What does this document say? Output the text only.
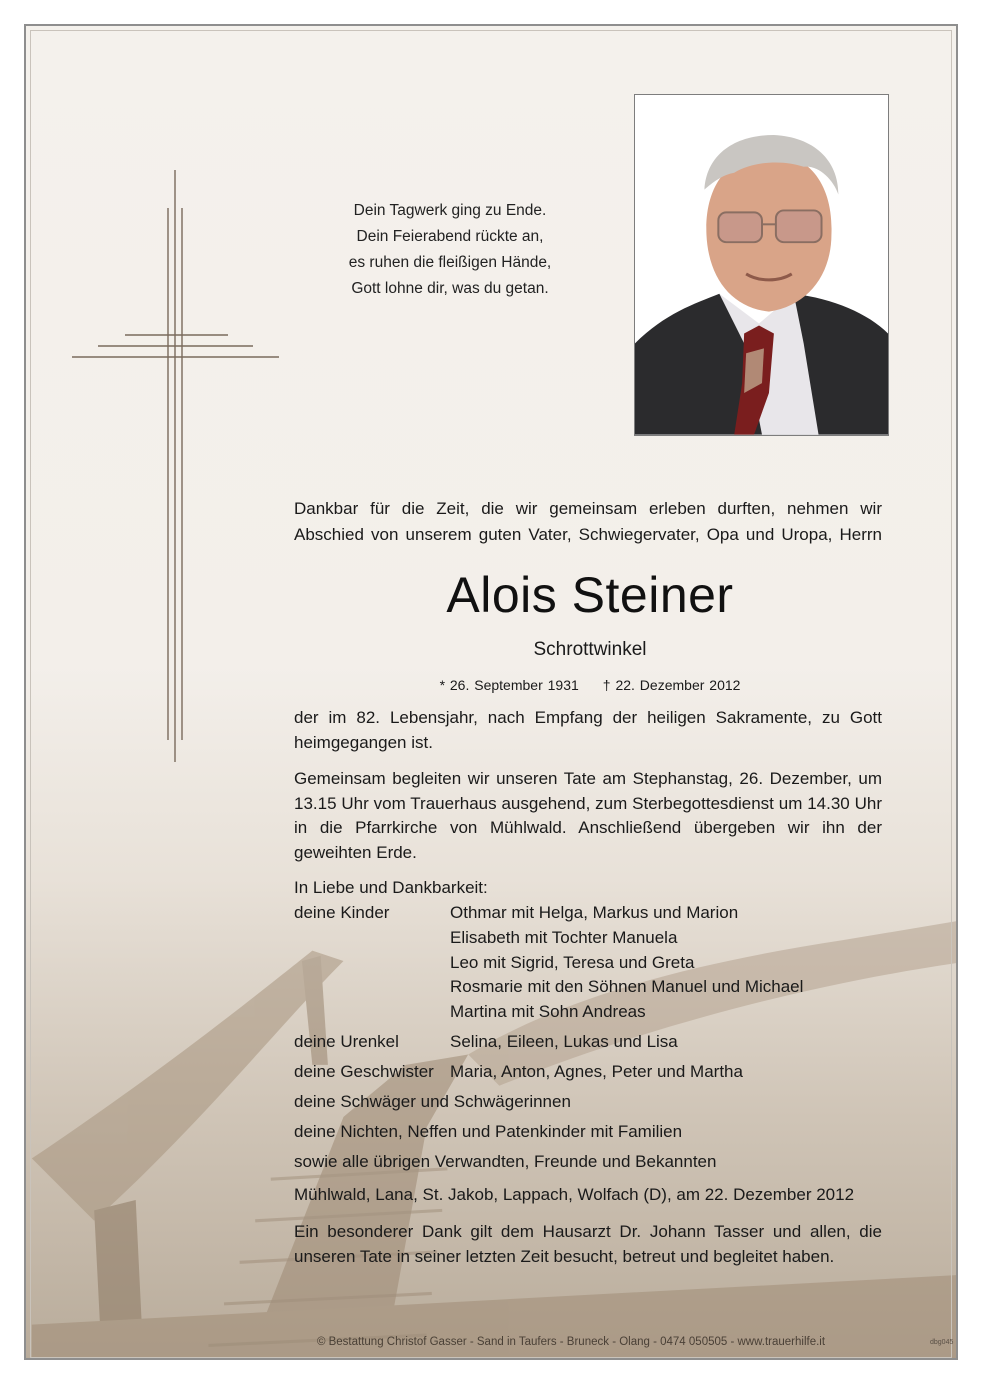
Dein Tagwerk ging zu Ende.
Dein Feierabend rückte an,
es ruhen die fleißigen Hände,
Gott lohne dir, was du getan.
Dankbar für die Zeit, die wir gemeinsam erleben durften, nehmen wir
Abschied von unserem guten Vater, Schwiegervater, Opa und Uropa, Herrn
Alois Steiner
Schrottwinkel
* 26. September 1931 † 22. Dezember 2012
der im 82. Lebensjahr, nach Empfang der heiligen Sakramente, zu Gott heimgegangen ist.
Gemeinsam begleiten wir unseren Tate am Stephanstag, 26. Dezember, um 13.15 Uhr vom Trauerhaus ausgehend, zum Sterbegottesdienst um 14.30 Uhr in die Pfarrkirche von Mühlwald. Anschließend übergeben wir ihn der geweihten Erde.
In Liebe und Dankbarkeit:
deine Kinder	Othmar mit Helga, Markus und Marion
Elisabeth mit Tochter Manuela
Leo mit Sigrid, Teresa und Greta
Rosmarie mit den Söhnen Manuel und Michael
Martina mit Sohn Andreas
deine Urenkel	Selina, Eileen, Lukas und Lisa
deine Geschwister Maria, Anton, Agnes, Peter und Martha
deine Schwäger und Schwägerinnen
deine Nichten, Neffen und Patenkinder mit Familien
sowie alle übrigen Verwandten, Freunde und Bekannten
Mühlwald, Lana, St. Jakob, Lappach, Wolfach (D), am 22. Dezember 2012
Ein besonderer Dank gilt dem Hausarzt Dr. Johann Tasser und allen, die unseren Tate in seiner letzten Zeit besucht, betreut und begleitet haben.
© Bestattung Christof Gasser - Sand in Taufers - Bruneck - Olang - 0474 050505 - www.trauerhilfe.it	dbg045
